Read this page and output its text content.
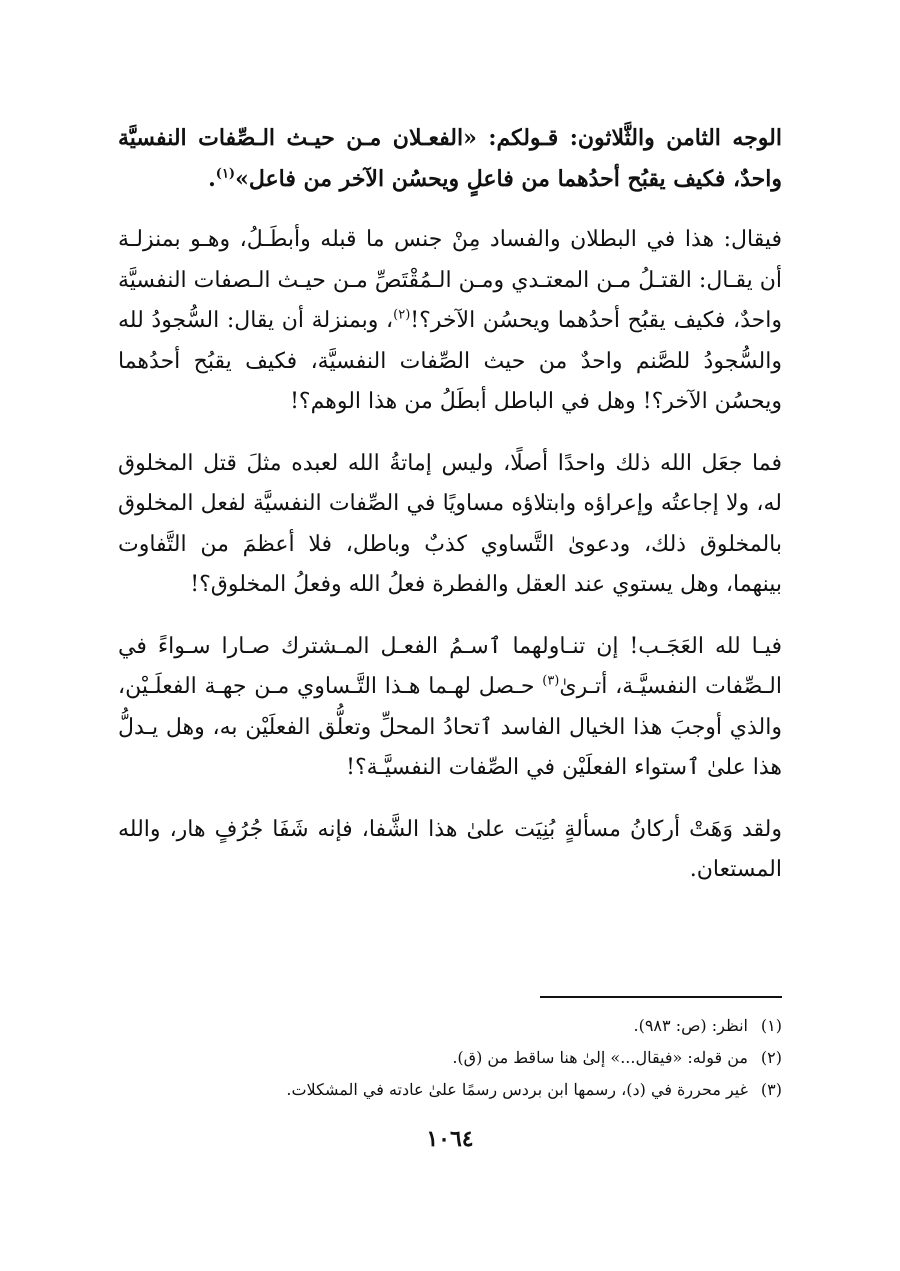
الوجه الثامن والثَّلاثون: قـولكم: «الفعـلان مـن حيـث الـصِّفات النفسيَّة واحدٌ، فكيف يقبُح أحدُهما من فاعلٍ ويحسُن الآخر من فاعل»$^{(١)}$.

فيقال: هذا في البطلان والفساد مِنْ جنس ما قبله وأبطَـلُ، وهـو بمنزلـة أن يقـال: القتـلُ مـن المعتـدي ومـن الـمُقْتَصِّ مـن حيـث الـصفات النفسيَّة واحدٌ، فكيف يقبُح أحدُهما ويحسُن الآخر؟!$^{(٢)}$، وبمنزلة أن يقال: السُّجودُ لله والسُّجودُ للصَّنم واحدٌ من حيث الصِّفات النفسيَّة، فكيف يقبُح أحدُهما ويحسُن الآخر؟! وهل في الباطل أبطَلُ من هذا الوهم؟!

فما جعَل الله ذلك واحدًا أصلًا، وليس إماتةُ الله لعبده مثلَ قتل المخلوق له، ولا إجاعتُه وإعراؤه وابتلاؤه مساويًا في الصِّفات النفسيَّة لفعل المخلوق بالمخلوق ذلك، ودعوىٰ التَّساوي كذبٌ وباطل، فلا أعظمَ من التَّفاوت بينهما، وهل يستوي عند العقل والفطرة فعلُ الله وفعلُ المخلوق؟!

فيـا لله العَجَـب! إن تنـاولهما ٱسـمُ الفعـل المـشترك صـارا سـواءً في الـصِّفات النفسيَّـة، أتـرىٰ$^{(٣)}$ حـصل لهـما هـذا التَّـساوي مـن جهـة الفعلَـيْن، والذي أوجبَ هذا الخيال الفاسد ٱتحادُ المحلِّ وتعلُّق الفعلَيْن به، وهل يـدلُّ هذا علىٰ ٱستواء الفعلَيْن في الصِّفات النفسيَّـة؟!

ولقد وَهَتْ أركانُ مسألةٍ بُنِيَت علىٰ هذا الشَّفا، فإنه شَفَا جُرُفٍ هار، والله المستعان.

(١)انظر: (ص: ٩٨٣).

(٢)من قوله: «فيقال...» إلىٰ هنا ساقط من (ق).

(٣)غير محررة في (د)، رسمها ابن بردس رسمًا علىٰ عادته في المشكلات.

١٠٦٤
